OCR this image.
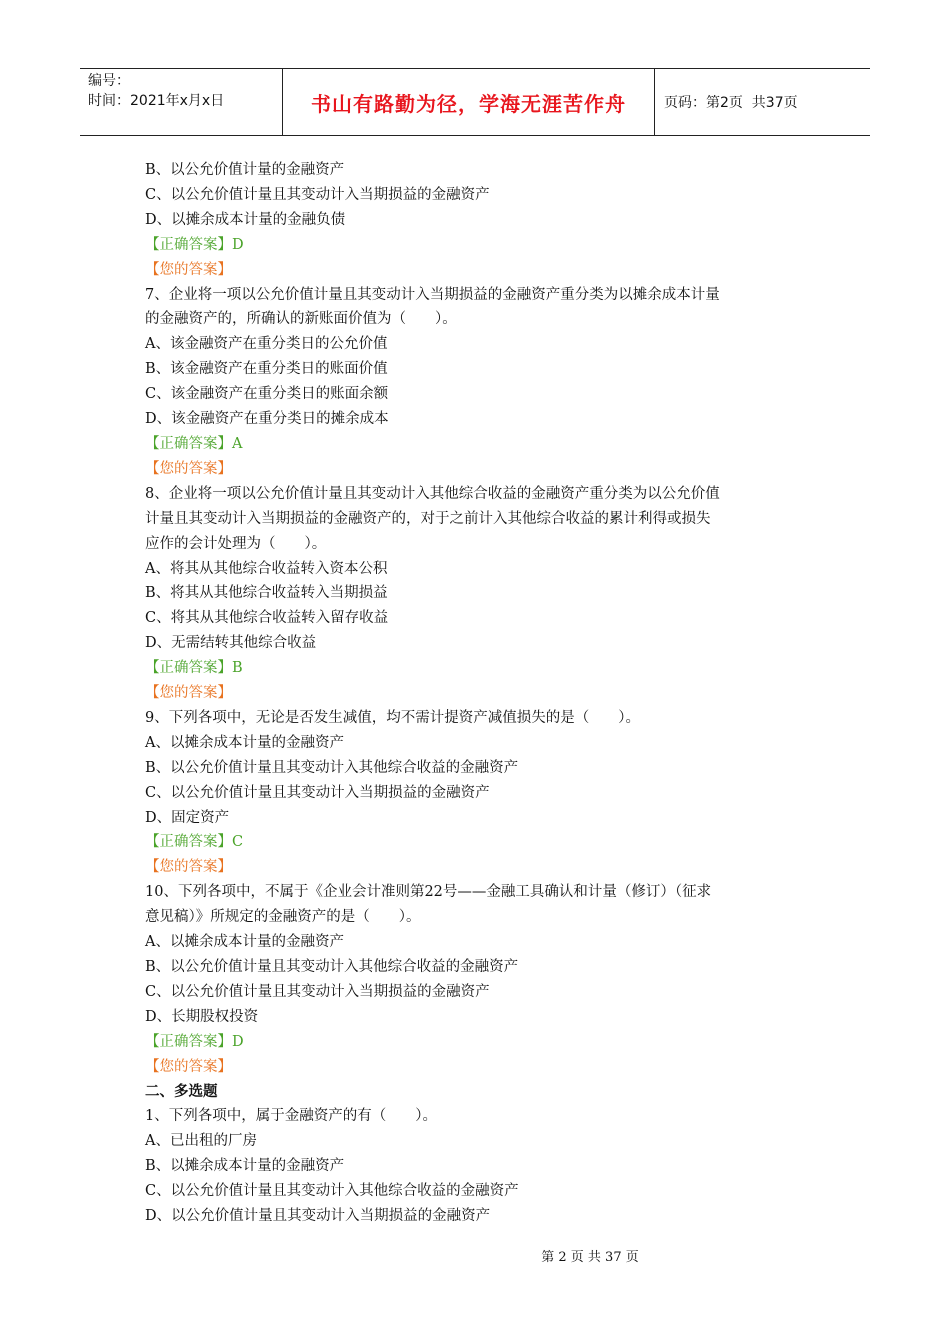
编号：
时间：2021年x月x日	书山有路勤为径，学海无涯苦作舟	页码：第2页  共37页
B、以公允价值计量的金融资产
C、以公允价值计量且其变动计入当期损益的金融资产
D、以摊余成本计量的金融负债
【正确答案】D
【您的答案】
7、企业将一项以公允价值计量且其变动计入当期损益的金融资产重分类为以摊余成本计量
的金融资产的，所确认的新账面价值为（　　）。
A、该金融资产在重分类日的公允价值
B、该金融资产在重分类日的账面价值
C、该金融资产在重分类日的账面余额
D、该金融资产在重分类日的摊余成本
【正确答案】A
【您的答案】
8、企业将一项以公允价值计量且其变动计入其他综合收益的金融资产重分类为以公允价值
计量且其变动计入当期损益的金融资产的，对于之前计入其他综合收益的累计利得或损失
应作的会计处理为（　　）。
A、将其从其他综合收益转入资本公积
B、将其从其他综合收益转入当期损益
C、将其从其他综合收益转入留存收益
D、无需结转其他综合收益
【正确答案】B
【您的答案】
9、下列各项中，无论是否发生减值，均不需计提资产减值损失的是（　　）。
A、以摊余成本计量的金融资产
B、以公允价值计量且其变动计入其他综合收益的金融资产
C、以公允价值计量且其变动计入当期损益的金融资产
D、固定资产
【正确答案】C
【您的答案】
10、下列各项中，不属于《企业会计准则第22号——金融工具确认和计量（修订）（征求
意见稿）》所规定的金融资产的是（　　）。
A、以摊余成本计量的金融资产
B、以公允价值计量且其变动计入其他综合收益的金融资产
C、以公允价值计量且其变动计入当期损益的金融资产
D、长期股权投资
【正确答案】D
【您的答案】
二、多选题
1、下列各项中，属于金融资产的有（　　）。
A、已出租的厂房
B、以摊余成本计量的金融资产
C、以公允价值计量且其变动计入其他综合收益的金融资产
D、以公允价值计量且其变动计入当期损益的金融资产
第 2 页 共 37 页
